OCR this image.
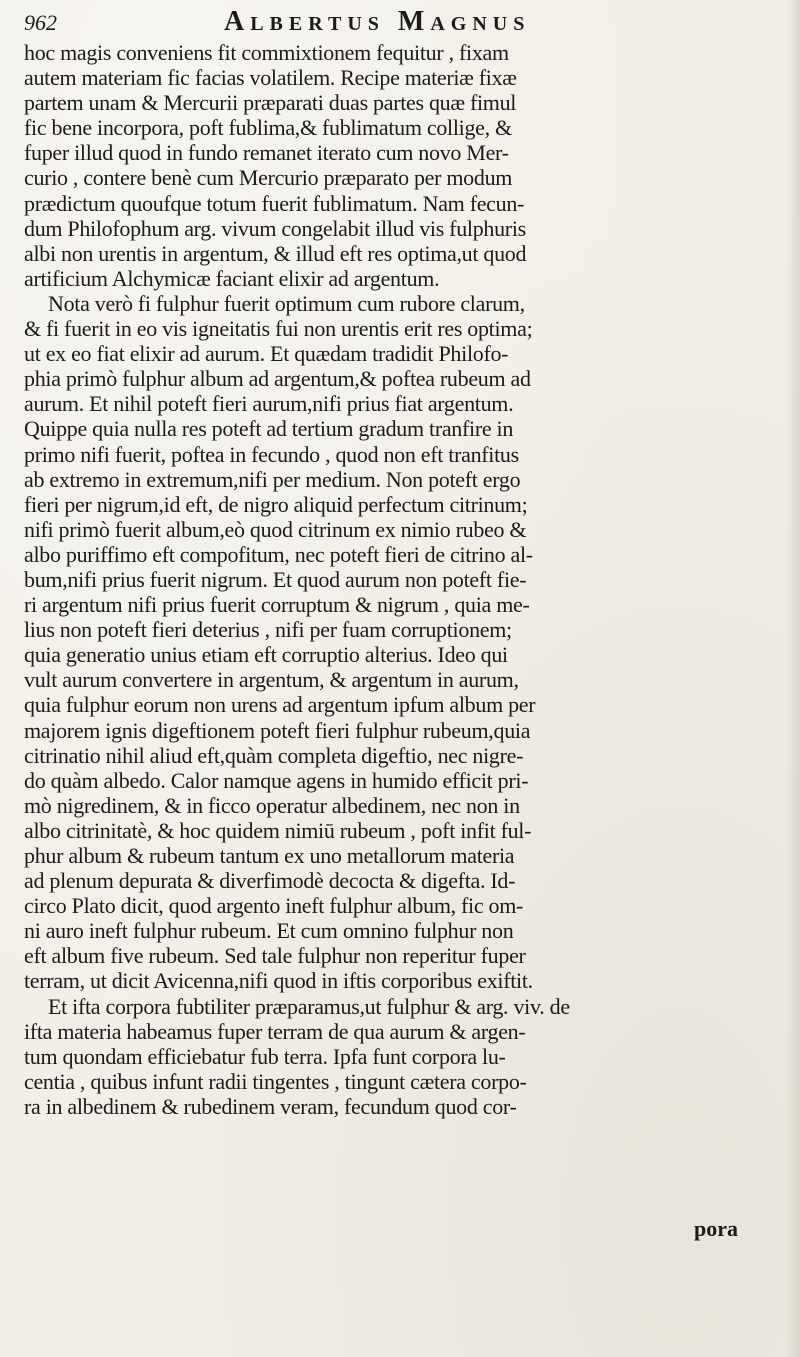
962	Albertus Magnus
hoc magis conveniens fit commixtionem fequitur , fixam
autem materiam fic facias volatilem. Recipe materiæ fixæ
partem unam & Mercurii præparati duas partes quæ fimul
fic bene incorpora, poft fublima,& fublimatum collige, &
fuper illud quod in fundo remanet iterato cum novo Mer-
curio , contere benè cum Mercurio præparato per modum
prædictum quoufque totum fuerit fublimatum. Nam fecun-
dum Philofophum arg. vivum congelabit illud vis fulphuris
albi non urentis in argentum, & illud eft res optima,ut quod
artificium Alchymicæ faciant elixir ad argentum.
Nota verò fi fulphur fuerit optimum cum rubore clarum,
& fi fuerit in eo vis igneitatis fui non urentis erit res optima;
ut ex eo fiat elixir ad aurum. Et quædam tradidit Philofo-
phia primò fulphur album ad argentum,& poftea rubeum ad
aurum. Et nihil poteft fieri aurum,nifi prius fiat argentum.
Quippe quia nulla res poteft ad tertium gradum tranfire in
primo nifi fuerit, poftea in fecundo , quod non eft tranfitus
ab extremo in extremum,nifi per medium. Non poteft ergo
fieri per nigrum,id eft, de nigro aliquid perfectum citrinum;
nifi primò fuerit album,eò quod citrinum ex nimio rubeo &
albo puriffimo eft compofitum, nec poteft fieri de citrino al-
bum,nifi prius fuerit nigrum. Et quod aurum non poteft fie-
ri argentum nifi prius fuerit corruptum & nigrum , quia me-
lius non poteft fieri deterius , nifi per fuam corruptionem;
quia generatio unius etiam eft corruptio alterius. Ideo qui
vult aurum convertere in argentum, & argentum in aurum,
quia fulphur eorum non urens ad argentum ipfum album per
majorem ignis digeftionem poteft fieri fulphur rubeum,quia
citrinatio nihil aliud eft,quàm completa digeftio, nec nigre-
do quàm albedo. Calor namque agens in humido efficit pri-
mò nigredinem, & in ficco operatur albedinem, nec non in
albo citrinitatè, & hoc quidem nimiū rubeum , poft infit ful-
phur album & rubeum tantum ex uno metallorum materia
ad plenum depurata & diverfimodè decocta & digefta. Id-
circo Plato dicit, quod argento ineft fulphur album, fic om-
ni auro ineft fulphur rubeum. Et cum omnino fulphur non
eft album five rubeum. Sed tale fulphur non reperitur fuper
terram, ut dicit Avicenna,nifi quod in iftis corporibus exiftit.
Et ifta corpora fubtiliter præparamus,ut fulphur & arg. viv. de
ifta materia habeamus fuper terram de qua aurum & argen-
tum quondam efficiebatur fub terra. Ipfa funt corpora lu-
centia , quibus infunt radii tingentes , tingunt cætera corpo-
ra in albedinem & rubedinem veram, fecundum quod cor-
pora
